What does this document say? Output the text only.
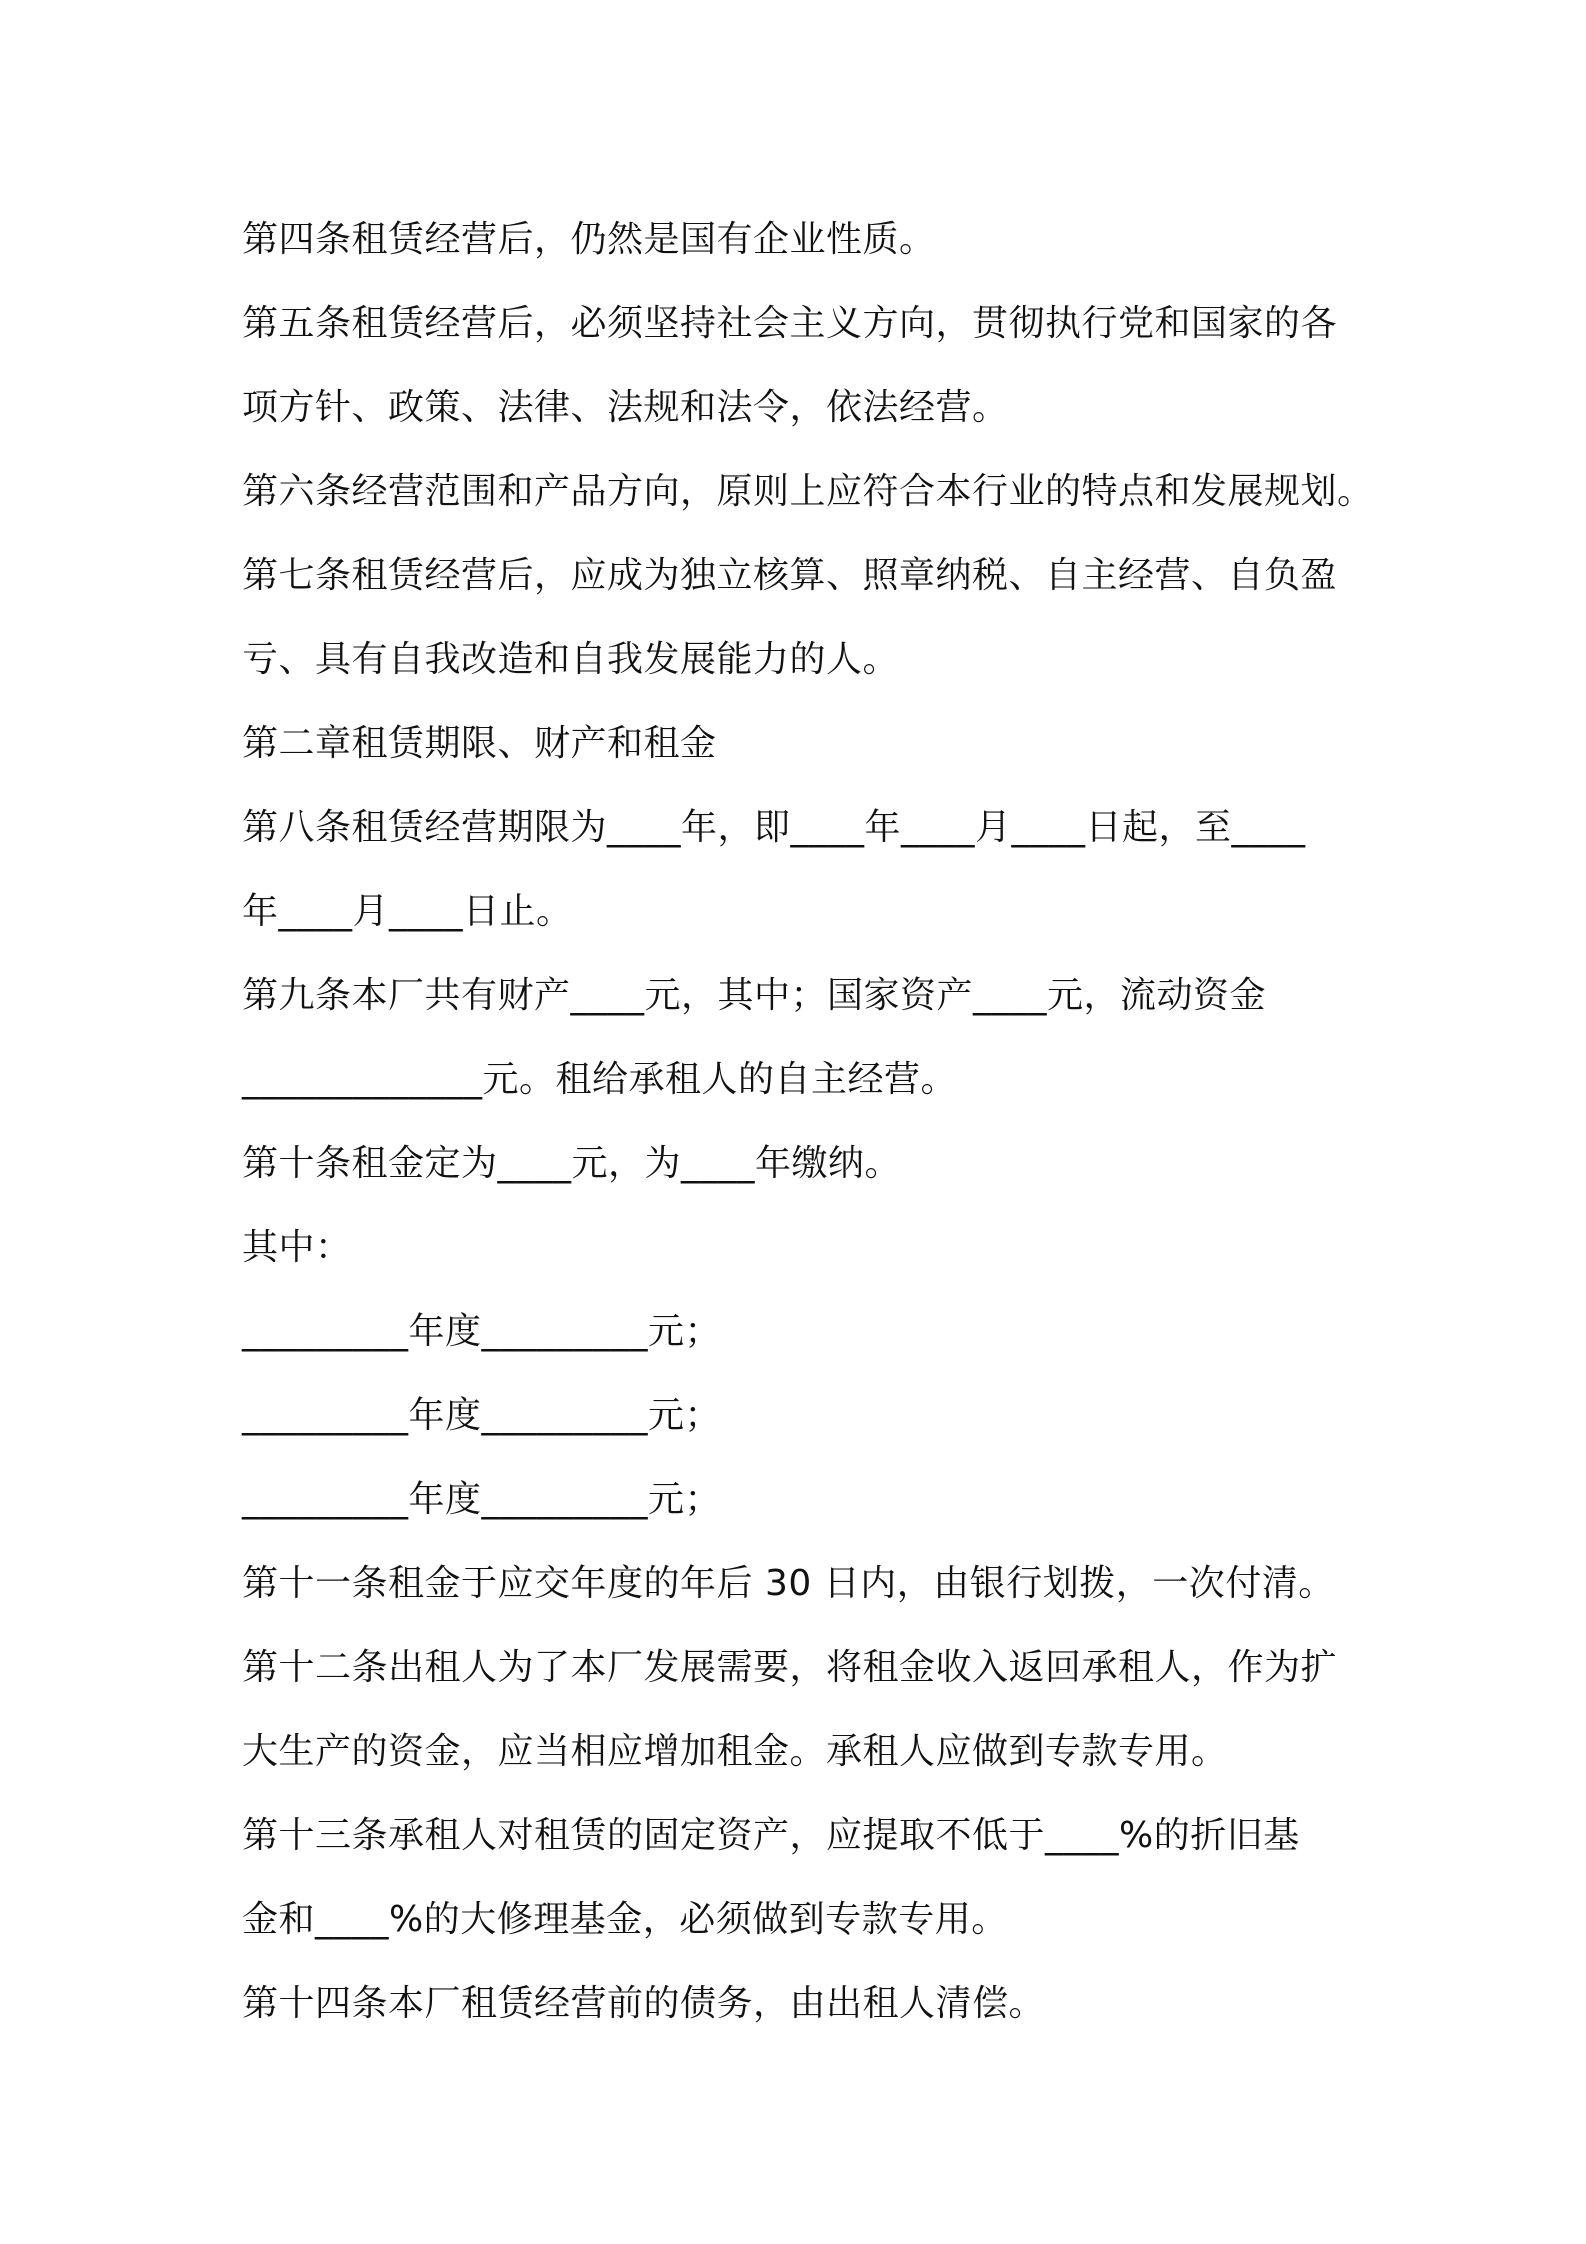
第四条租赁经营后，仍然是国有企业性质。

第五条租赁经营后，必须坚持社会主义方向，贯彻执行党和国家的各

项方针、政策、法律、法规和法令，依法经营。

第六条经营范围和产品方向，原则上应符合本行业的特点和发展规划。

第七条租赁经营后，应成为独立核算、照章纳税、自主经营、自负盈

亏、具有自我改造和自我发展能力的人。

第二章租赁期限、财产和租金

第八条租赁经营期限为____年，即____年____月____日起，至____

年____月____日止。

第九条本厂共有财产____元，其中；国家资产____元，流动资金

_____________元。租给承租人的自主经营。

第十条租金定为____元，为____年缴纳。

其中：

_________年度_________元；

_________年度_________元；

_________年度_________元；

第十一条租金于应交年度的年后 30 日内，由银行划拨，一次付清。

第十二条出租人为了本厂发展需要，将租金收入返回承租人，作为扩

大生产的资金，应当相应增加租金。承租人应做到专款专用。

第十三条承租人对租赁的固定资产，应提取不低于____%的折旧基

金和____%的大修理基金，必须做到专款专用。

第十四条本厂租赁经营前的债务，由出租人清偿。
